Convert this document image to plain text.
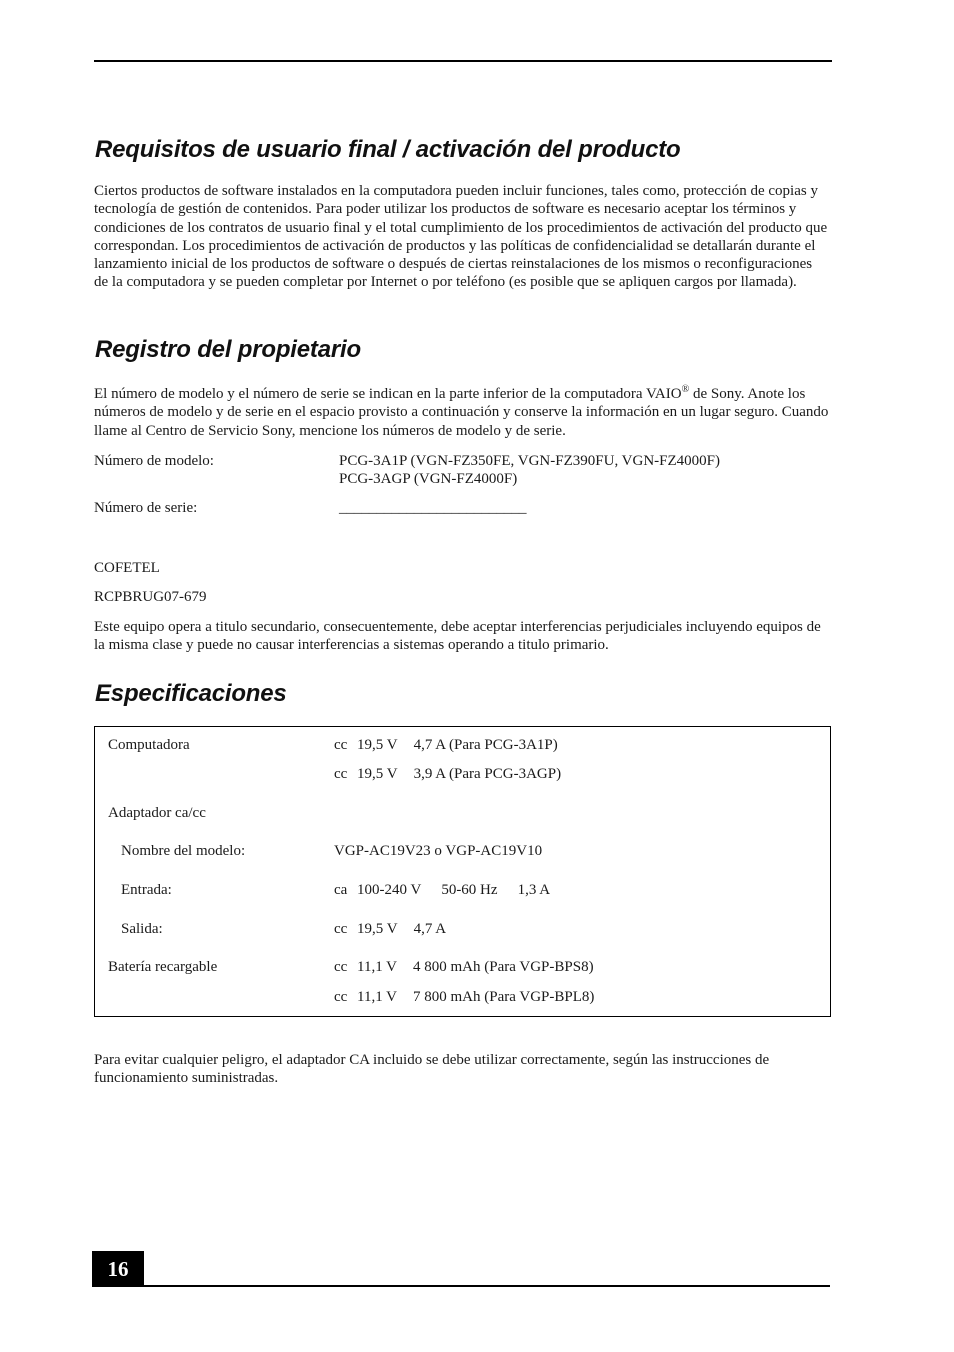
Requisitos de usuario final / activación del producto

Ciertos productos de software instalados en la computadora pueden incluir funciones, tales como, protección de copias y tecnología de gestión de contenidos. Para poder utilizar los productos de software es necesario aceptar los términos y condiciones de los contratos de usuario final y el total cumplimiento de los procedimientos de activación del producto que correspondan. Los procedimientos de activación de productos y las políticas de confidencialidad se detallarán durante el lanzamiento inicial de los productos de software o después de ciertas reinstalaciones de los mismos o reconfiguraciones de la computadora y se pueden completar por Internet o por teléfono (es posible que se apliquen cargos por llamada).

Registro del propietario

El número de modelo y el número de serie se indican en la parte inferior de la computadora VAIO® de Sony. Anote los números de modelo y de serie en el espacio provisto a continuación y conserve la información en un lugar seguro. Cuando llame al Centro de Servicio Sony, mencione los números de modelo y de serie.

Número de modelo:	PCG-3A1P (VGN-FZ350FE, VGN-FZ390FU, VGN-FZ4000F)
PCG-3AGP (VGN-FZ4000F)
Número de serie:	_________________________
COFETEL
RCPBRUG07-679

Este equipo opera a titulo secundario, consecuentemente, debe aceptar interferencias perjudiciales incluyendo equipos de la misma clase y puede no causar interferencias a sistemas operando a titulo primario.

Especificaciones
Computadora	cc 19,5 V 4,7 A (Para PCG-3A1P)
cc 19,5 V 3,9 A (Para PCG-3AGP)
Adaptador ca/cc
Nombre del modelo:	VGP-AC19V23 o VGP-AC19V10
Entrada:	ca 100-240 V 50-60 Hz 1,3 A
Salida:	cc 19,5 V 4,7 A
Batería recargable	cc 11,1 V 4 800 mAh (Para VGP-BPS8)
cc 11,1 V 7 800 mAh (Para VGP-BPL8)

Para evitar cualquier peligro, el adaptador CA incluido se debe utilizar correctamente, según las instrucciones de funcionamiento suministradas.

16
